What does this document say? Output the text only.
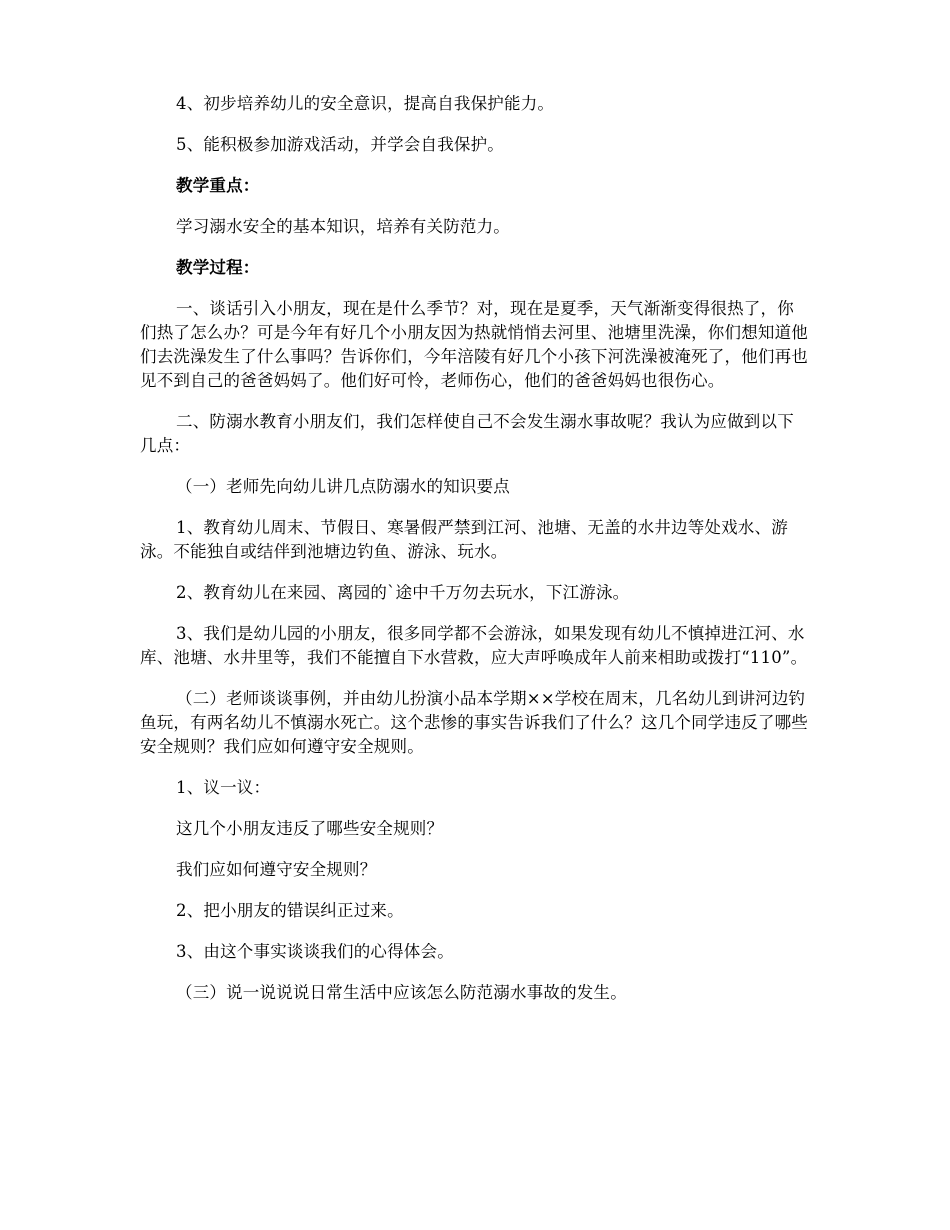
4、初步培养幼儿的安全意识，提高自我保护能力。

5、能积极参加游戏活动，并学会自我保护。

教学重点：

学习溺水安全的基本知识，培养有关防范力。

教学过程：

一、谈话引入小朋友，现在是什么季节？对，现在是夏季，天气渐渐变得很热了，你们热了怎么办？可是今年有好几个小朋友因为热就悄悄去河里、池塘里洗澡，你们想知道他们去洗澡发生了什么事吗？告诉你们，今年涪陵有好几个小孩下河洗澡被淹死了，他们再也见不到自己的爸爸妈妈了。他们好可怜，老师伤心，他们的爸爸妈妈也很伤心。

二、防溺水教育小朋友们，我们怎样使自己不会发生溺水事故呢？我认为应做到以下几点：

（一）老师先向幼儿讲几点防溺水的知识要点

1、教育幼儿周末、节假日、寒暑假严禁到江河、池塘、无盖的水井边等处戏水、游泳。不能独自或结伴到池塘边钓鱼、游泳、玩水。

2、教育幼儿在来园、离园的`途中千万勿去玩水，下江游泳。

3、我们是幼儿园的小朋友，很多同学都不会游泳，如果发现有幼儿不慎掉进江河、水库、池塘、水井里等，我们不能擅自下水营救，应大声呼唤成年人前来相助或拨打“110”。

（二）老师谈谈事例，并由幼儿扮演小品本学期××学校在周末，几名幼儿到讲河边钓鱼玩，有两名幼儿不慎溺水死亡。这个悲惨的事实告诉我们了什么？这几个同学违反了哪些安全规则？我们应如何遵守安全规则。

1、议一议：

这几个小朋友违反了哪些安全规则？

我们应如何遵守安全规则？

2、把小朋友的错误纠正过来。

3、由这个事实谈谈我们的心得体会。

（三）说一说说说日常生活中应该怎么防范溺水事故的发生。
